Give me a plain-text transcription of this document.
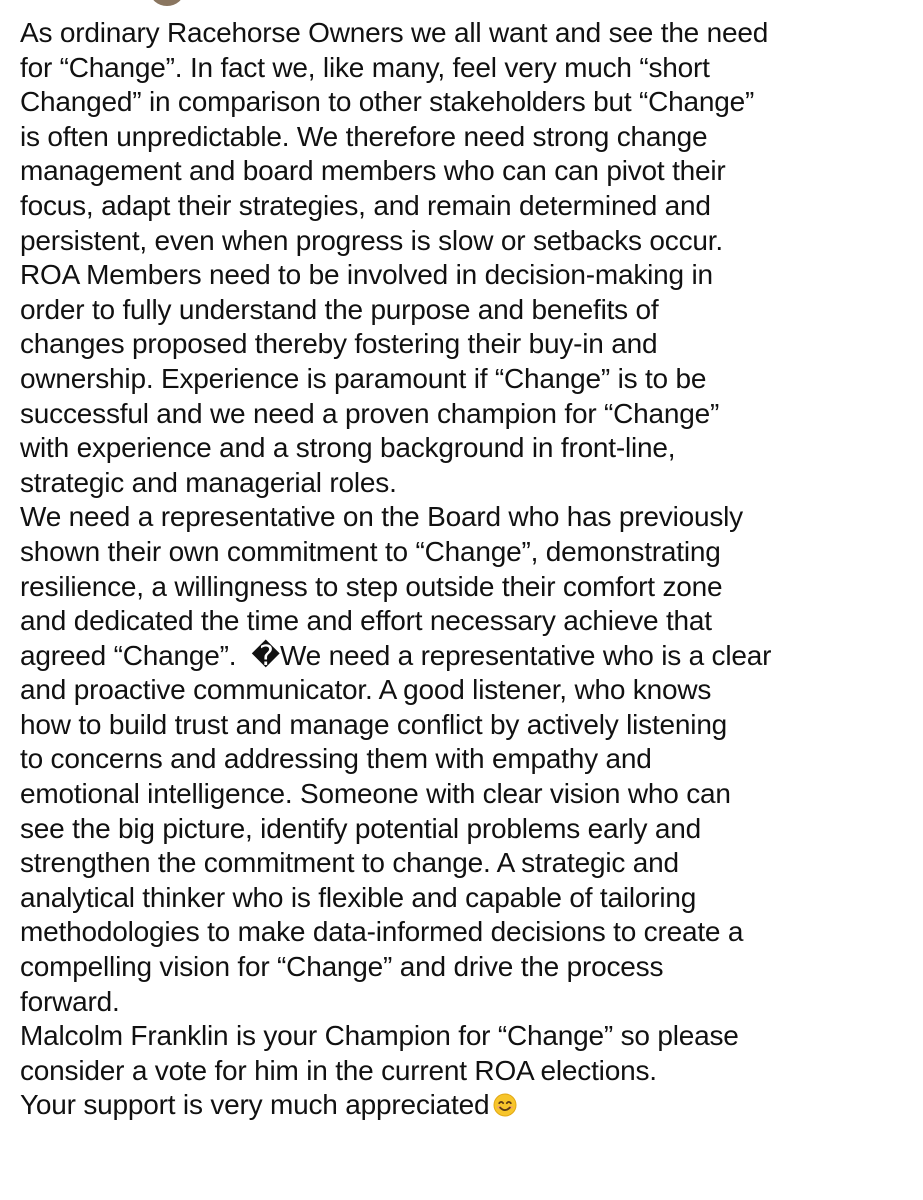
As ordinary Racehorse Owners we all want and see the need
for “Change”. In fact we, like many, feel very much “short
Changed” in comparison to other stakeholders but “Change”
is often unpredictable. We therefore need strong change
management and board members who can can pivot their
focus, adapt their strategies, and remain determined and
persistent, even when progress is slow or setbacks occur.
ROA Members need to be involved in decision-making in
order to fully understand the purpose and benefits of
changes proposed thereby fostering their buy-in and
ownership. Experience is paramount if “Change” is to be
successful and we need a proven champion for “Change”
with experience and a strong background in front-line,
strategic and managerial roles.
We need a representative on the Board who has previously
shown their own commitment to “Change”, demonstrating
resilience, a willingness to step outside their comfort zone
and dedicated the time and effort necessary achieve that
agreed “Change”.  �We need a representative who is a clear
and proactive communicator. A good listener, who knows
how to build trust and manage conflict by actively listening
to concerns and addressing them with empathy and
emotional intelligence. Someone with clear vision who can
see the big picture, identify potential problems early and
strengthen the commitment to change. A strategic and
analytical thinker who is flexible and capable of tailoring
methodologies to make data-informed decisions to create a
compelling vision for “Change” and drive the process
forward.
Malcolm Franklin is your Champion for “Change” so please
consider a vote for him in the current ROA elections.
Your support is very much appreciated
